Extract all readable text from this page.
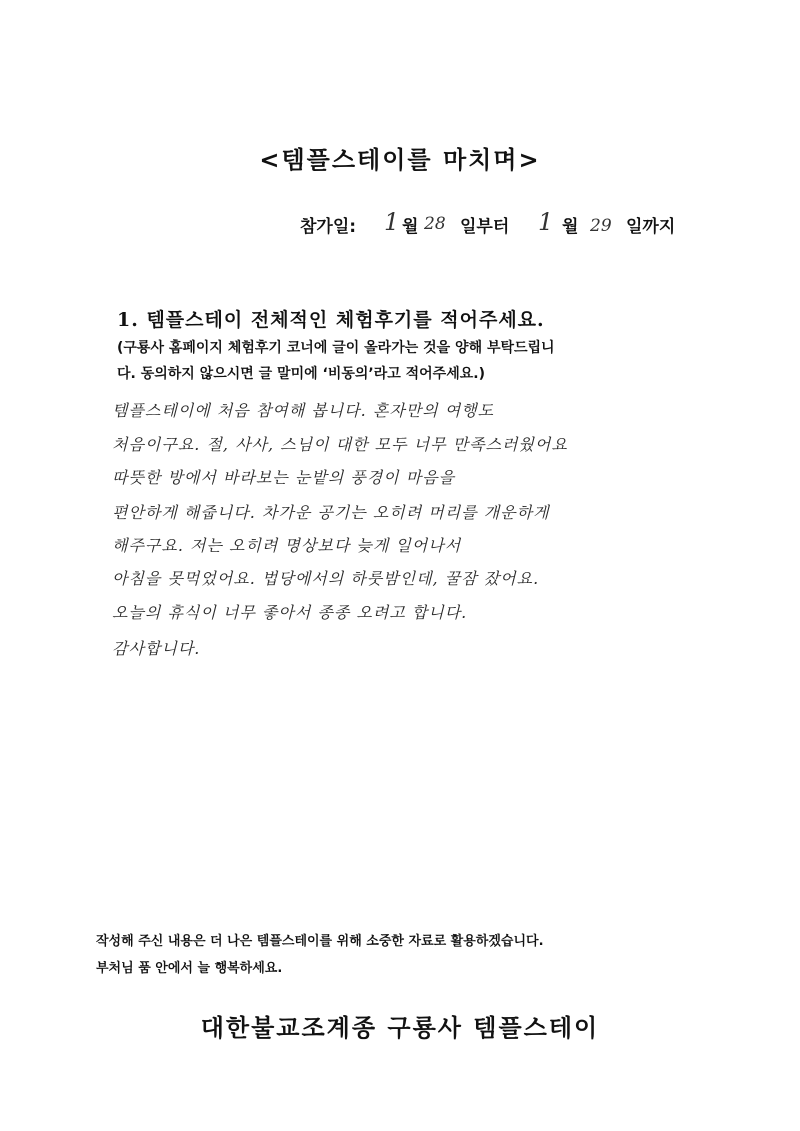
<템플스테이를 마치며>
참가일: 1 월 28 일부터 1 월 29 일까지
1. 템플스테이 전체적인 체험후기를 적어주세요.
(구룡사 홈페이지 체험후기 코너에 글이 올라가는 것을 양해 부탁드립니
다. 동의하지 않으시면 글 말미에 ‘비동의’라고 적어주세요.)
템플스테이에 처음 참여해 봅니다. 혼자만의 여행도
처음이구요. 절, 사사, 스님이 대한 모두 너무 만족스러웠어요
따뜻한 방에서 바라보는 눈밭의 풍경이 마음을
편안하게 해줍니다. 차가운 공기는 오히려 머리를 개운하게
해주구요. 저는 오히려 명상보다 늦게 일어나서
아침을 못먹었어요. 법당에서의 하룻밤인데, 꿀잠 잤어요.
오늘의 휴식이 너무 좋아서 종종 오려고 합니다.
감사합니다.
작성해 주신 내용은 더 나은 템플스테이를 위해 소중한 자료로 활용하겠습니다.
부처님 품 안에서 늘 행복하세요.
대한불교조계종 구룡사 템플스테이
